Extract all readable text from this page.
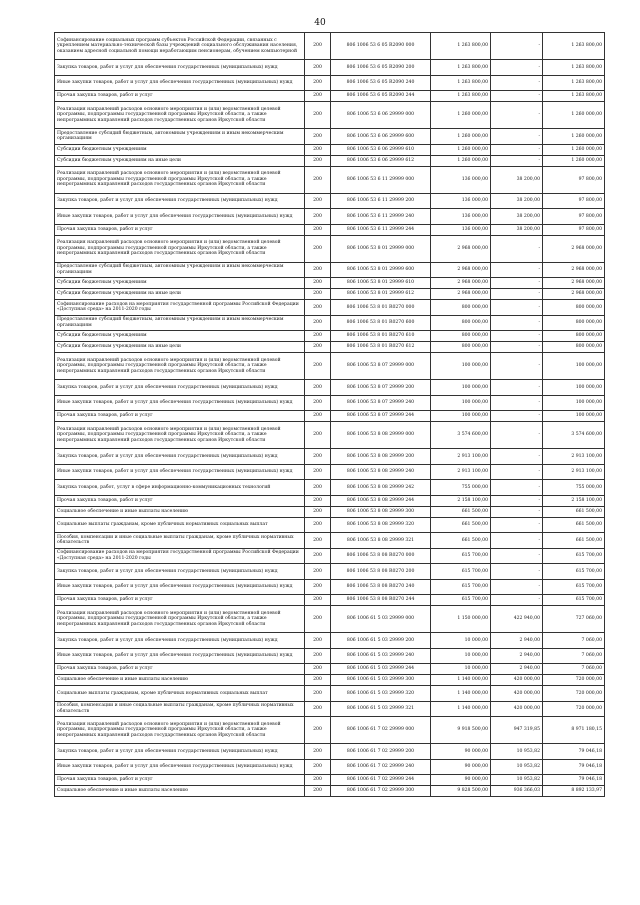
40
Софинансирование социальных программ субъектов Российской Федерации, связанных с укреплением материально-технической базы учреждений социального обслуживания населения, оказанием адресной социальной помощи неработающим пенсионерам, обучением компьютерной	200	806 1006 53 6 05 R2090 000	1 263 800,00	-	1 263 800,00
Закупка товаров, работ и услуг для обеспечения государственных (муниципальных) нужд	200	806 1006 53 6 05 R2090 200	1 263 800,00	-	1 263 800,00
Иные закупки товаров, работ и услуг для обеспечения государственных (муниципальных) нужд	200	806 1006 53 6 05 R2090 240	1 263 800,00	-	1 263 800,00
Прочая закупка товаров, работ и услуг	200	806 1006 53 6 05 R2090 244	1 263 800,00	-	1 263 800,00
Реализация направлений расходов основного мероприятия и (или) ведомственной целевой программы, подпрограммы государственной программы Иркутской области, а также непрограммных направлений расходов государственных органов Иркутской области	200	806 1006 53 6 06 29999 000	1 260 000,00	-	1 260 000,00
Предоставление субсидий бюджетным, автономным учреждениям и иным некоммерческим организациям	200	806 1006 53 6 06 29999 600	1 260 000,00	-	1 260 000,00
Субсидии бюджетным учреждениям	200	806 1006 53 6 06 29999 610	1 260 000,00	-	1 260 000,00
Субсидии бюджетным учреждениям на иные цели	200	806 1006 53 6 06 29999 612	1 260 000,00	-	1 260 000,00
Реализация направлений расходов основного мероприятия и (или) ведомственной целевой программы, подпрограммы государственной программы Иркутской области, а также непрограммных направлений расходов государственных органов Иркутской области	200	806 1006 53 6 11 29999 000	136 000,00	38 200,00	97 800,00
Закупка товаров, работ и услуг для обеспечения государственных (муниципальных) нужд	200	806 1006 53 6 11 29999 200	136 000,00	38 200,00	97 800,00
Иные закупки товаров, работ и услуг для обеспечения государственных (муниципальных) нужд	200	806 1006 53 6 11 29999 240	136 000,00	38 200,00	97 800,00
Прочая закупка товаров, работ и услуг	200	806 1006 53 6 11 29999 244	136 000,00	38 200,00	97 800,00
Реализация направлений расходов основного мероприятия и (или) ведомственной целевой программы, подпрограммы государственной программы Иркутской области, а также непрограммных направлений расходов государственных органов Иркутской области	200	806 1006 53 8 01 29999 000	2 968 000,00	-	2 968 000,00
Предоставление субсидий бюджетным, автономным учреждениям и иным некоммерческим организациям	200	806 1006 53 8 01 29999 600	2 968 000,00	-	2 968 000,00
Субсидии бюджетным учреждениям	200	806 1006 53 8 01 29999 610	2 968 000,00	-	2 968 000,00
Субсидии бюджетным учреждениям на иные цели	200	806 1006 53 8 01 29999 612	2 968 000,00	-	2 968 000,00
Софинансирование расходов на мероприятия государственной программы Российской Федерации «Доступная среда» на 2011-2020 годы	200	806 1006 53 8 01 R0270 000	800 000,00	-	800 000,00
Предоставление субсидий бюджетным, автономным учреждениям и иным некоммерческим организациям	200	806 1006 53 8 01 R0270 600	800 000,00	-	800 000,00
Субсидии бюджетным учреждениям	200	806 1006 53 8 01 R0270 610	800 000,00	-	800 000,00
Субсидии бюджетным учреждениям на иные цели	200	806 1006 53 8 01 R0270 612	800 000,00	-	800 000,00
Реализация направлений расходов основного мероприятия и (или) ведомственной целевой программы, подпрограммы государственной программы Иркутской области, а также непрограммных направлений расходов государственных органов Иркутской области	200	806 1006 53 8 07 29999 000	100 000,00	-	100 000,00
Закупка товаров, работ и услуг для обеспечения государственных (муниципальных) нужд	200	806 1006 53 8 07 29999 200	100 000,00	-	100 000,00
Иные закупки товаров, работ и услуг для обеспечения государственных (муниципальных) нужд	200	806 1006 53 8 07 29999 240	100 000,00	-	100 000,00
Прочая закупка товаров, работ и услуг	200	806 1006 53 8 07 29999 244	100 000,00	-	100 000,00
Реализация направлений расходов основного мероприятия и (или) ведомственной целевой программы, подпрограммы государственной программы Иркутской области, а также непрограммных направлений расходов государственных органов Иркутской области	200	806 1006 53 8 08 29999 000	3 574 600,00	-	3 574 600,00
Закупка товаров, работ и услуг для обеспечения государственных (муниципальных) нужд	200	806 1006 53 8 08 29999 200	2 913 100,00	-	2 913 100,00
Иные закупки товаров, работ и услуг для обеспечения государственных (муниципальных) нужд	200	806 1006 53 8 08 29999 240	2 913 100,00	-	2 913 100,00
Закупка товаров, работ, услуг в сфере информационно-коммуникационных технологий	200	806 1006 53 8 08 29999 242	755 000,00	-	755 000,00
Прочая закупка товаров, работ и услуг	200	806 1006 53 8 08 29999 244	2 158 100,00	-	2 158 100,00
Социальное обеспечение и иные выплаты населению	200	806 1006 53 8 08 29999 300	661 500,00	-	661 500,00
Социальные выплаты гражданам, кроме публичных нормативных социальных выплат	200	806 1006 53 8 08 29999 320	661 500,00	-	661 500,00
Пособия, компенсации и иные социальные выплаты гражданам, кроме публичных нормативных обязательств	200	806 1006 53 8 08 29999 321	661 500,00	-	661 500,00
Софинансирование расходов на мероприятия государственной программы Российской Федерации «Доступная среда» на 2011-2020 годы	200	806 1006 53 8 08 R0270 000	615 700,00	-	615 700,00
Закупка товаров, работ и услуг для обеспечения государственных (муниципальных) нужд	200	806 1006 53 8 08 R0270 200	615 700,00	-	615 700,00
Иные закупки товаров, работ и услуг для обеспечения государственных (муниципальных) нужд	200	806 1006 53 8 08 R0270 240	615 700,00	-	615 700,00
Прочая закупка товаров, работ и услуг	200	806 1006 53 8 08 R0270 244	615 700,00	-	615 700,00
Реализация направлений расходов основного мероприятия и (или) ведомственной целевой программы, подпрограммы государственной программы Иркутской области, а также непрограммных направлений расходов государственных органов Иркутской области	200	806 1006 61 5 03 29999 000	1 150 000,00	422 940,00	727 060,00
Закупка товаров, работ и услуг для обеспечения государственных (муниципальных) нужд	200	806 1006 61 5 03 29999 200	10 000,00	2 940,00	7 060,00
Иные закупки товаров, работ и услуг для обеспечения государственных (муниципальных) нужд	200	806 1006 61 5 03 29999 240	10 000,00	2 940,00	7 060,00
Прочая закупка товаров, работ и услуг	200	806 1006 61 5 03 29999 244	10 000,00	2 940,00	7 060,00
Социальное обеспечение и иные выплаты населению	200	806 1006 61 5 03 29999 300	1 140 000,00	420 000,00	720 000,00
Социальные выплаты гражданам, кроме публичных нормативных социальных выплат	200	806 1006 61 5 03 29999 320	1 140 000,00	420 000,00	720 000,00
Пособия, компенсации и иные социальные выплаты гражданам, кроме публичных нормативных обязательств	200	806 1006 61 5 03 29999 321	1 140 000,00	420 000,00	720 000,00
Реализация направлений расходов основного мероприятия и (или) ведомственной целевой программы, подпрограммы государственной программы Иркутской области, а также непрограммных направлений расходов государственных органов Иркутской области	200	806 1006 61 7 02 29999 000	9 918 500,00	947 319,85	8 971 180,15
Закупка товаров, работ и услуг для обеспечения государственных (муниципальных) нужд	200	806 1006 61 7 02 29999 200	90 000,00	10 953,82	79 046,18
Иные закупки товаров, работ и услуг для обеспечения государственных (муниципальных) нужд	200	806 1006 61 7 02 29999 240	90 000,00	10 953,82	79 046,18
Прочая закупка товаров, работ и услуг	200	806 1006 61 7 02 29999 244	90 000,00	10 953,82	79 046,18
Социальное обеспечение и иные выплаты населению	200	806 1006 61 7 02 29999 300	9 828 500,00	936 366,03	8 892 133,97
